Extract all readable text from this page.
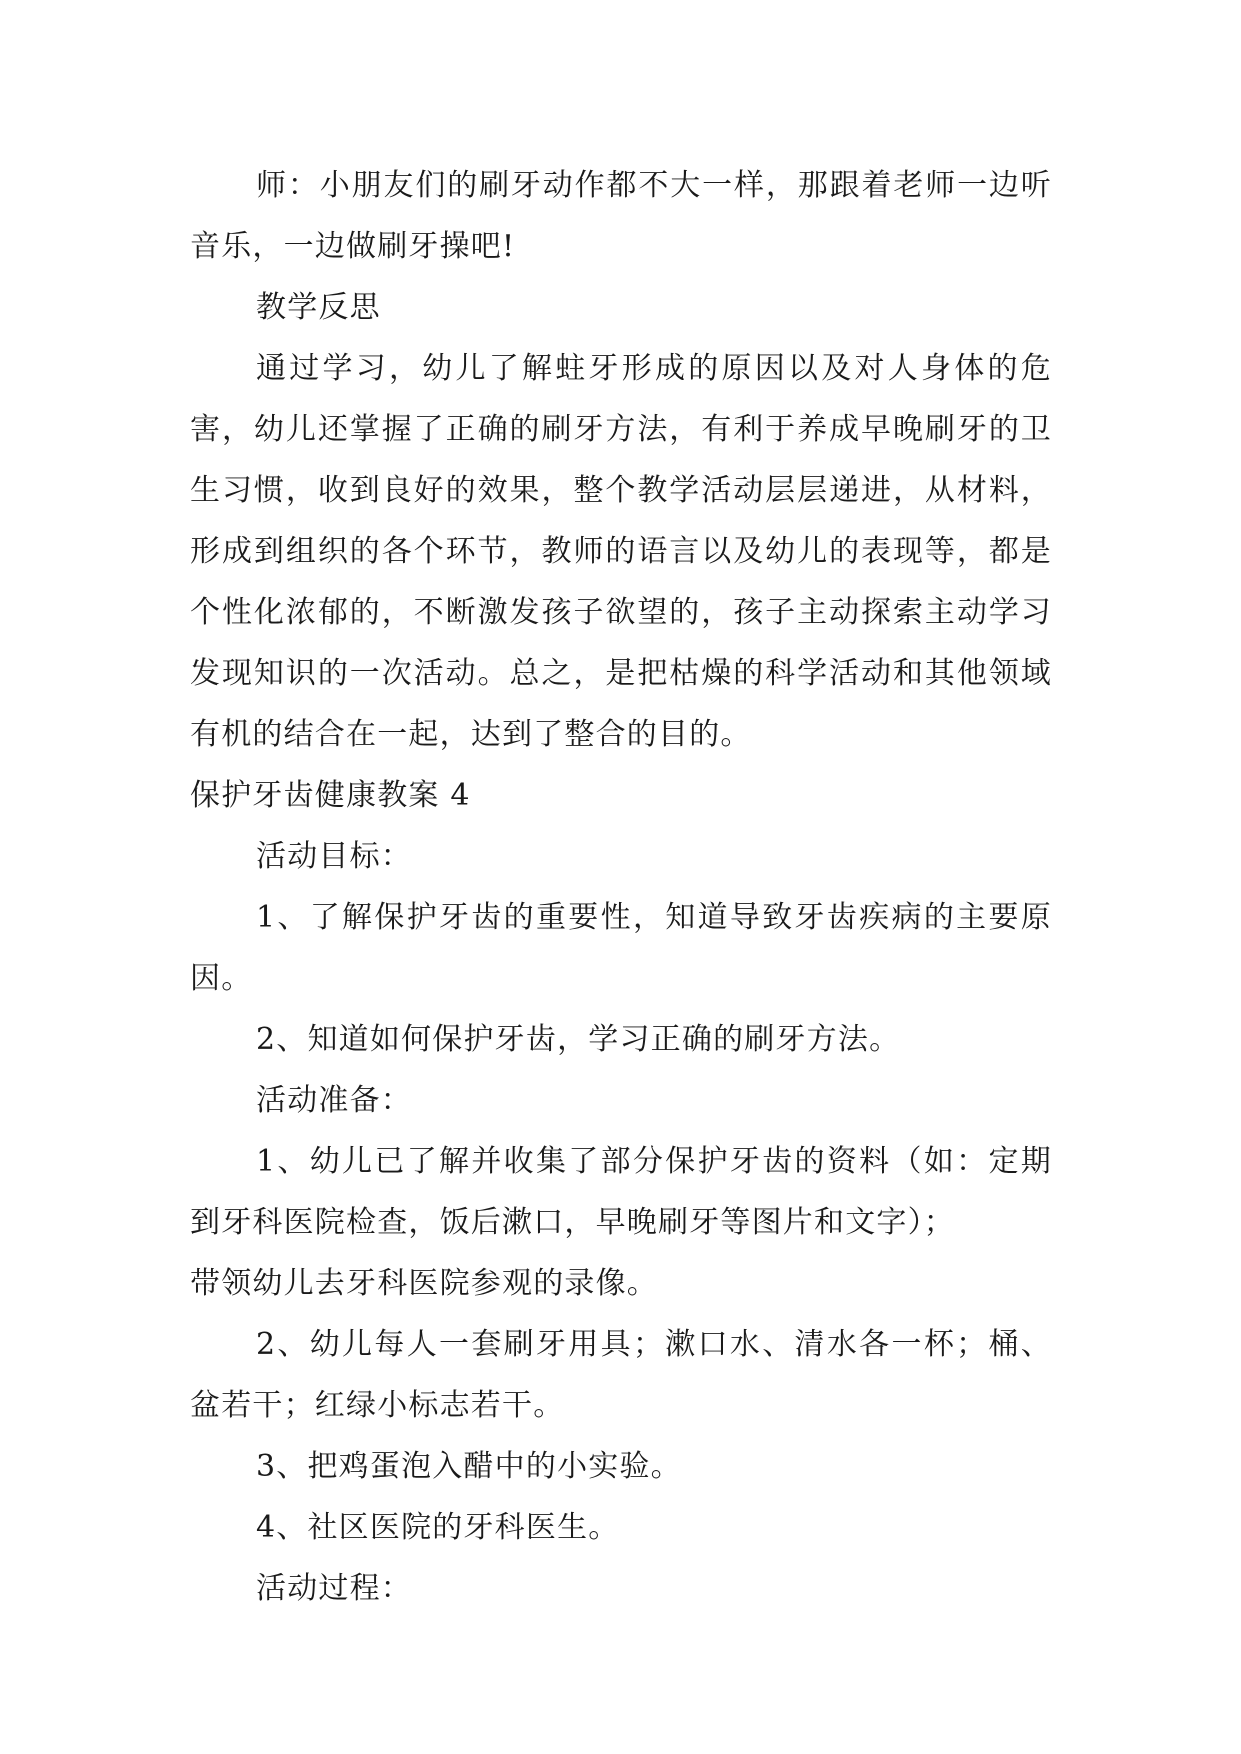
师：小朋友们的刷牙动作都不大一样，那跟着老师一边听音乐，一边做刷牙操吧!

教学反思

通过学习，幼儿了解蛀牙形成的原因以及对人身体的危害，幼儿还掌握了正确的刷牙方法，有利于养成早晚刷牙的卫生习惯，收到良好的效果，整个教学活动层层递进，从材料，形成到组织的各个环节，教师的语言以及幼儿的表现等，都是个性化浓郁的，不断激发孩子欲望的，孩子主动探索主动学习发现知识的一次活动。总之，是把枯燥的科学活动和其他领域有机的结合在一起，达到了整合的目的。

保护牙齿健康教案 4

活动目标：

1、了解保护牙齿的重要性，知道导致牙齿疾病的主要原因。

2、知道如何保护牙齿，学习正确的刷牙方法。

活动准备：

1、幼儿已了解并收集了部分保护牙齿的资料（如：定期到牙科医院检查，饭后漱口，早晚刷牙等图片和文字）；

带领幼儿去牙科医院参观的录像。

2、幼儿每人一套刷牙用具；漱口水、清水各一杯；桶、盆若干；红绿小标志若干。

3、把鸡蛋泡入醋中的小实验。

4、社区医院的牙科医生。

活动过程：
